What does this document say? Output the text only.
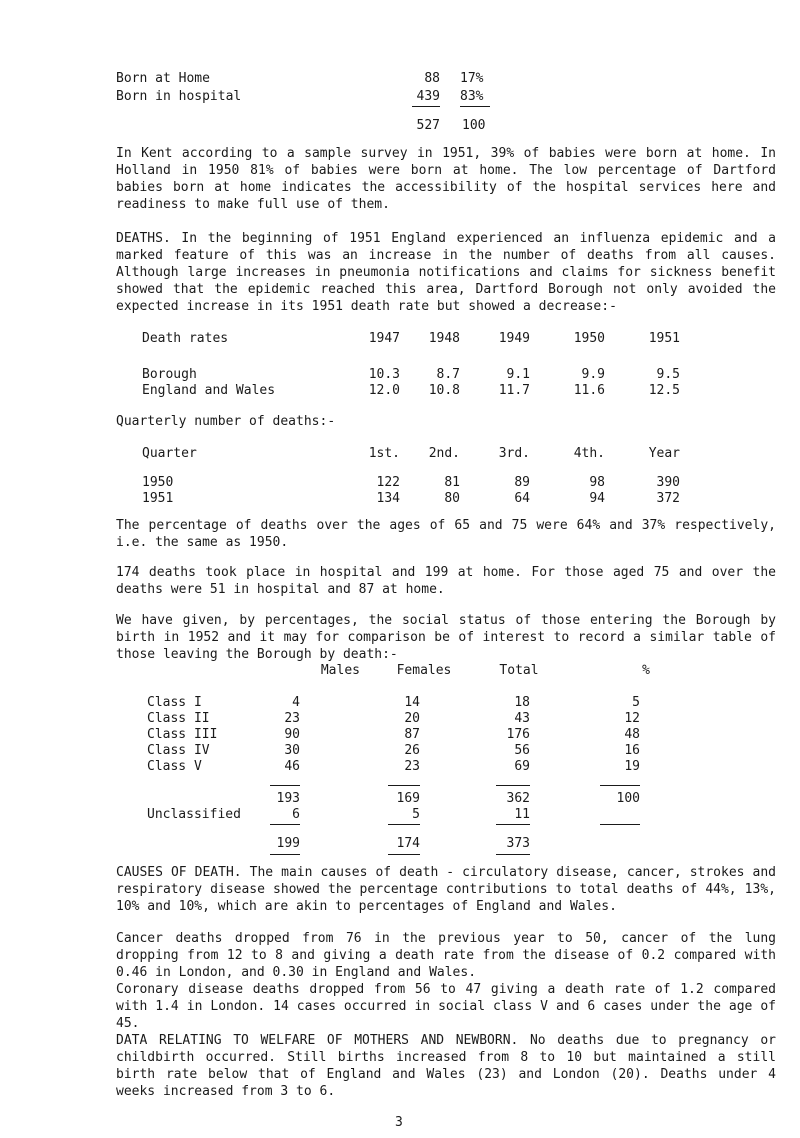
Born at Home	88 17%
Born in hospital	439 83%
527 100

In Kent according to a sample survey in 1951, 39% of babies were born at home. In Holland in 1950 81% of babies were born at home. The low percentage of Dartford babies born at home indicates the accessibility of the hospital services here and readiness to make full use of them.

DEATHS. In the beginning of 1951 England experienced an influenza epidemic and a marked feature of this was an increase in the number of deaths from all causes. Although large increases in pneumonia notifications and claims for sickness benefit showed that the epidemic reached this area, Dartford Borough not only avoided the expected increase in its 1951 death rate but showed a decrease:-

Death rates	1947	1948	1949	1950	1951
Borough	10.3	8.7	9.1	9.9	9.5
England and Wales	12.0	10.8	11.7	11.6	12.5
Quarterly number of deaths:-
Quarter	1st.	2nd.	3rd.	4th.	Year
1950	122	81	89	98	390
1951	134	80	64	94	372

The percentage of deaths over the ages of 65 and 75 were 64% and 37% respectively, i.e. the same as 1950.

174 deaths took place in hospital and 199 at home. For those aged 75 and over the deaths were 51 in hospital and 87 at home.

We have given, by percentages, the social status of those entering the Borough by birth in 1952 and it may for comparison be of interest to record a similar table of those leaving the Borough by death:-

Males	Females	Total	%
Class I	4	14	18	5
Class II	23	20	43	12
Class III	90	87	176	48
Class IV	30	26	56	16
Class V	46	23	69	19
193	169	362	100
Unclassified	6	5	11
199	174	373

CAUSES OF DEATH. The main causes of death - circulatory disease, cancer, strokes and respiratory disease showed the percentage contributions to total deaths of 44%, 13%, 10% and 10%, which are akin to percentages of England and Wales.

Cancer deaths dropped from 76 in the previous year to 50, cancer of the lung dropping from 12 to 8 and giving a death rate from the disease of 0.2 compared with 0.46 in London, and 0.30 in England and Wales.

Coronary disease deaths dropped from 56 to 47 giving a death rate of 1.2 compared with 1.4 in London. 14 cases occurred in social class V and 6 cases under the age of 45.

DATA RELATING TO WELFARE OF MOTHERS AND NEWBORN. No deaths due to pregnancy or childbirth occurred. Still births increased from 8 to 10 but maintained a still birth rate below that of England and Wales (23) and London (20). Deaths under 4 weeks increased from 3 to 6.

3
